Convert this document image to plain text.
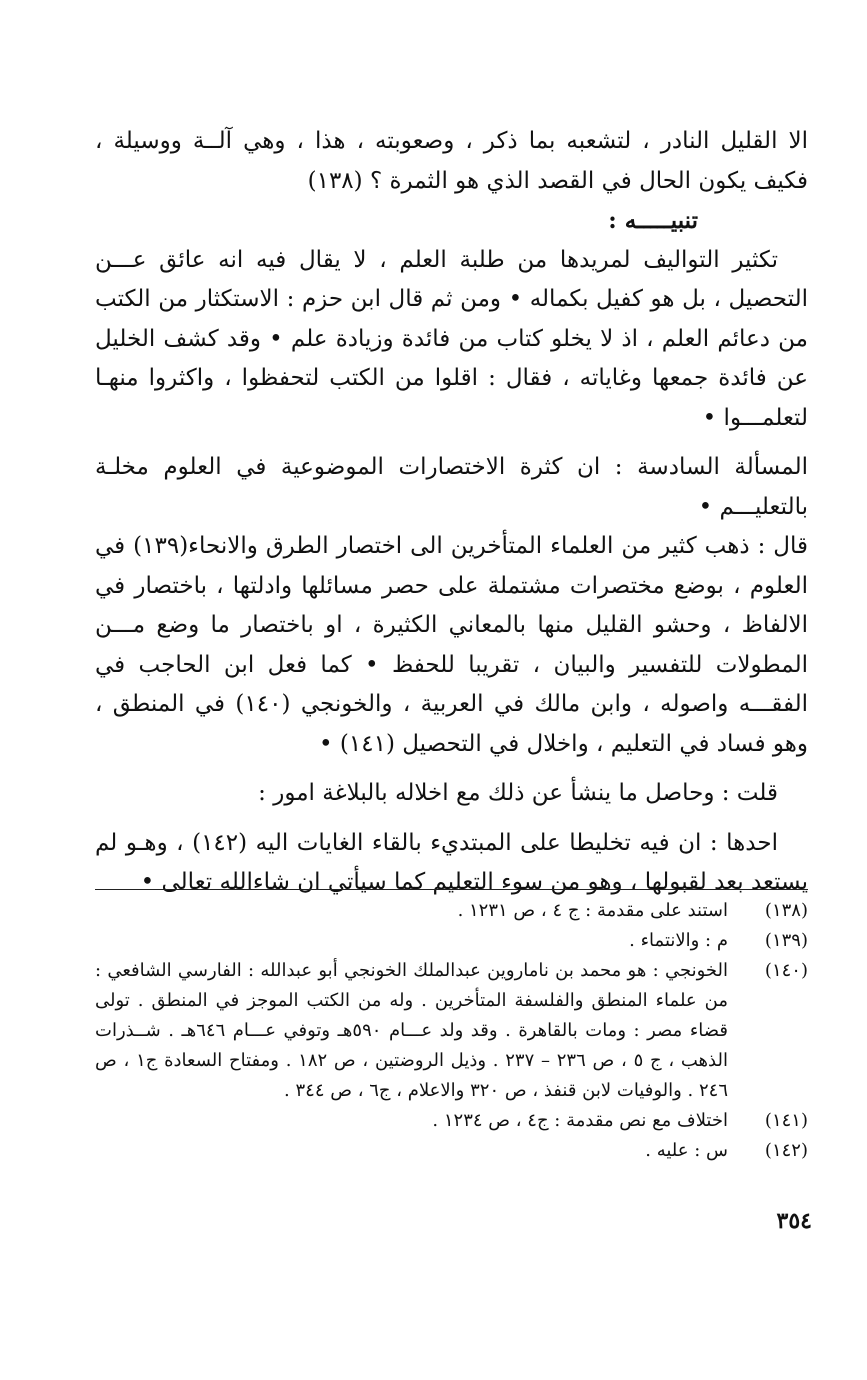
الا القليل النادر ، لتشعبه بما ذكر ، وصعوبته ، هذا ، وهي آلــة ووسيلة ، فكيف يكون الحال في القصد الذي هو الثمرة ؟ (١٣٨)

تنبيـــــه :

تكثير التواليف لمريدها من طلبة العلم ، لا يقال فيه انه عائق عـــن التحصيل ، بل هو كفيل بكماله • ومن ثم قال ابن حزم : الاستكثار من الكتب من دعائم العلم ، اذ لا يخلو كتاب من فائدة وزيادة علم • وقد كشف الخليل عن فائدة جمعها وغاياته ، فقال : اقلوا من الكتب لتحفظوا ، واكثروا منهـا لتعلمـــوا •

المسألة السادسة : ان كثرة الاختصارات الموضوعية في العلوم مخلـة بالتعليـــم •

قال : ذهب كثير من العلماء المتأخرين الى اختصار الطرق والانحاء(١٣٩) في العلوم ، بوضع مختصرات مشتملة على حصر مسائلها وادلتها ، باختصار في الالفاظ ، وحشو القليل منها بالمعاني الكثيرة ، او باختصار ما وضع مـــن المطولات للتفسير والبيان ، تقريبا للحفظ • كما فعل ابن الحاجب في الفقـــه واصوله ، وابن مالك في العربية ، والخونجي (١٤٠) في المنطق ، وهو فساد في التعليم ، واخلال في التحصيل (١٤١) •

قلت : وحاصل ما ينشأ عن ذلك مع اخلاله بالبلاغة امور :

احدها : ان فيه تخليطا على المبتديء بالقاء الغايات اليه (١٤٢) ، وهـو لم يستعد بعد لقبولها ، وهو من سوء التعليم كما سيأتي ان شاءالله تعالى •

(١٣٨)
استند على مقدمة : ج ٤ ، ص ١٢٣١ .
(١٣٩)
م : والانتماء .
(١٤٠)
الخونجي : هو محمد بن ناماروين عبدالملك الخونجي أبو عبدالله : الفارسي الشافعي : من علماء المنطق والفلسفة المتأخرين . وله من الكتب الموجز في المنطق . تولى قضاء مصر : ومات بالقاهرة . وقد ولد عـــام ٥٩٠هـ وتوفي عـــام ٦٤٦هـ . شــذرات الذهب ، ج ٥ ، ص ٢٣٦ – ٢٣٧ . وذيل الروضتين ، ص ١٨٢ . ومفتاح السعادة ج١ ، ص ٢٤٦ . والوفيات لابن قنفذ ، ص ٣٢٠ والاعلام ، ج٦ ، ص ٣٤٤ .
(١٤١)
اختلاف مع نص مقدمة : ج٤ ، ص ١٢٣٤ .
(١٤٢)
س : عليه .
٣٥٤
